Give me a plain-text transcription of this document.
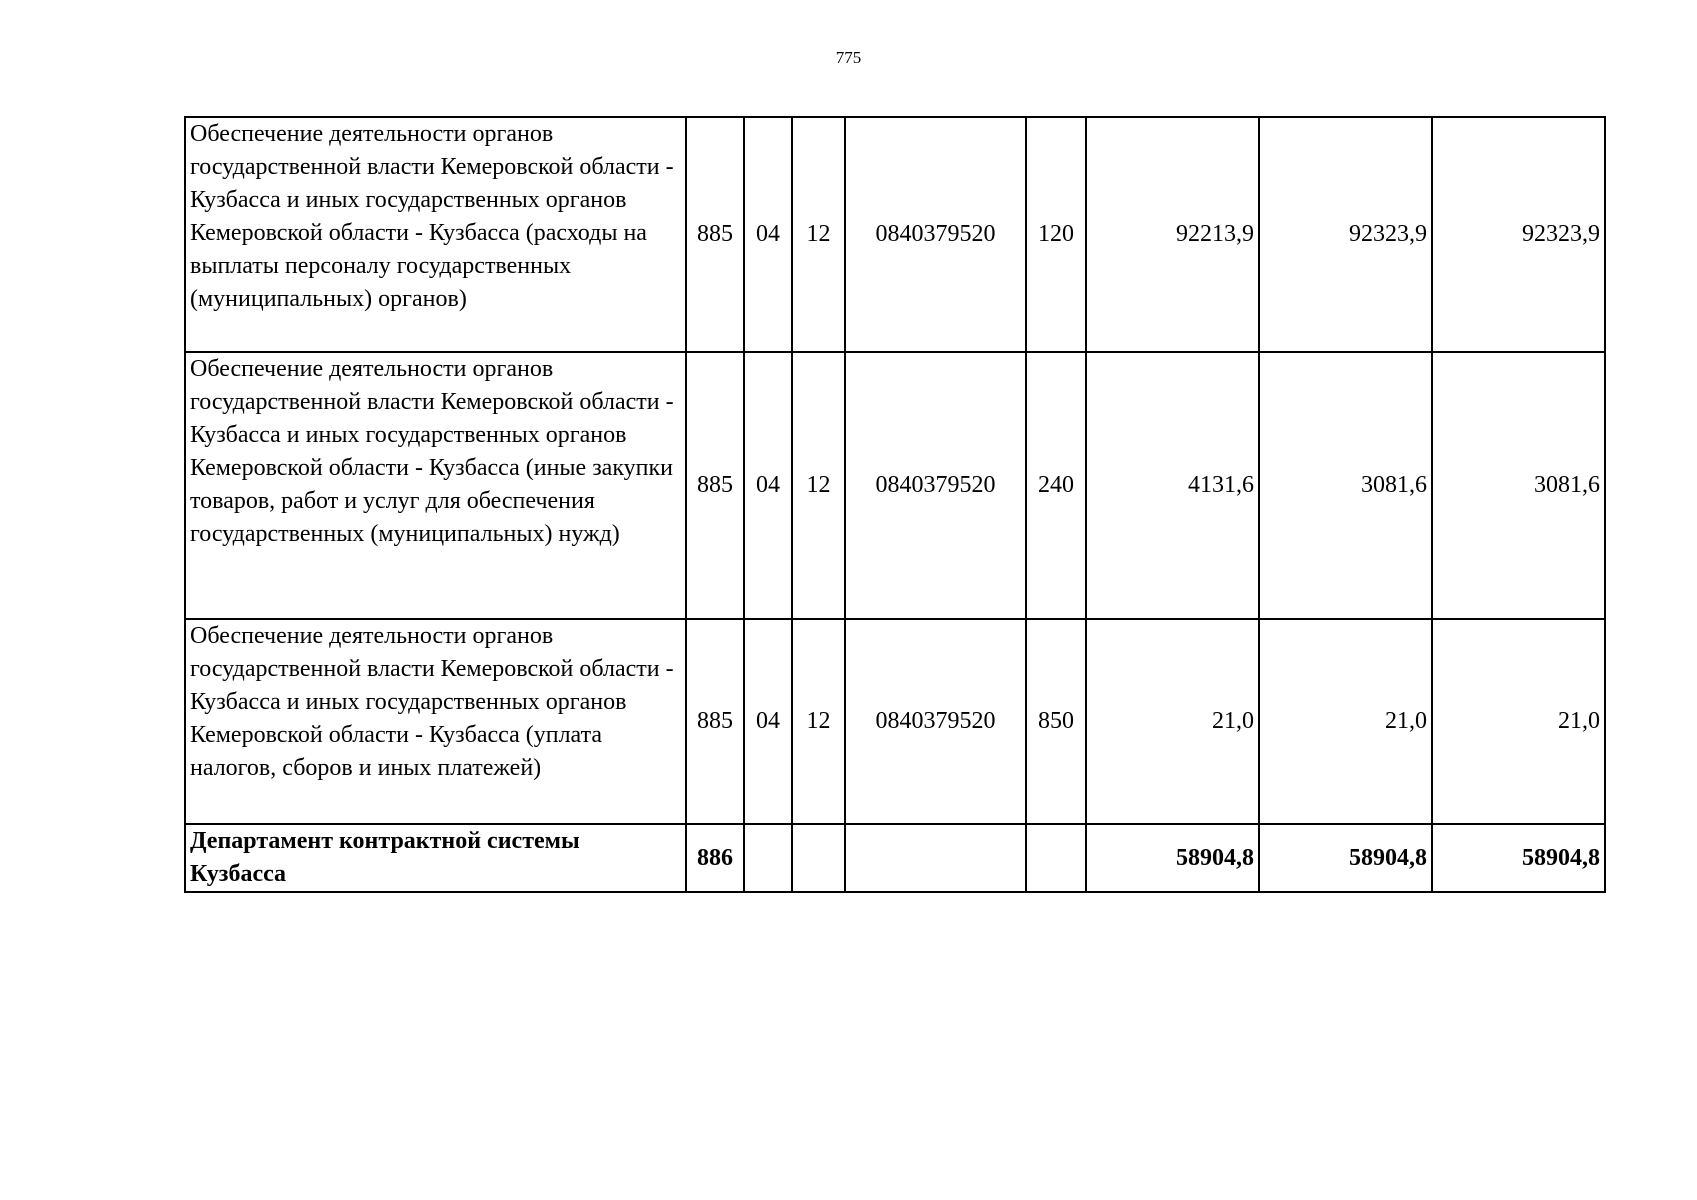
775
Обеспечение деятельности органов государственной власти Кемеровской области - Кузбасса и иных государственных органов Кемеровской области - Кузбасса (расходы на выплаты персоналу государственных (муниципальных) органов)	885	04	12	0840379520	120	92213,9	92323,9	92323,9
Обеспечение деятельности органов государственной власти Кемеровской области - Кузбасса и иных государственных органов Кемеровской области - Кузбасса (иные закупки товаров, работ и услуг для обеспечения государственных (муниципальных) нужд)	885	04	12	0840379520	240	4131,6	3081,6	3081,6
Обеспечение деятельности органов государственной власти Кемеровской области - Кузбасса и иных государственных органов Кемеровской области - Кузбасса (уплата налогов, сборов и иных платежей)	885	04	12	0840379520	850	21,0	21,0	21,0
Департамент контрактной системы Кузбасса	886					58904,8	58904,8	58904,8
